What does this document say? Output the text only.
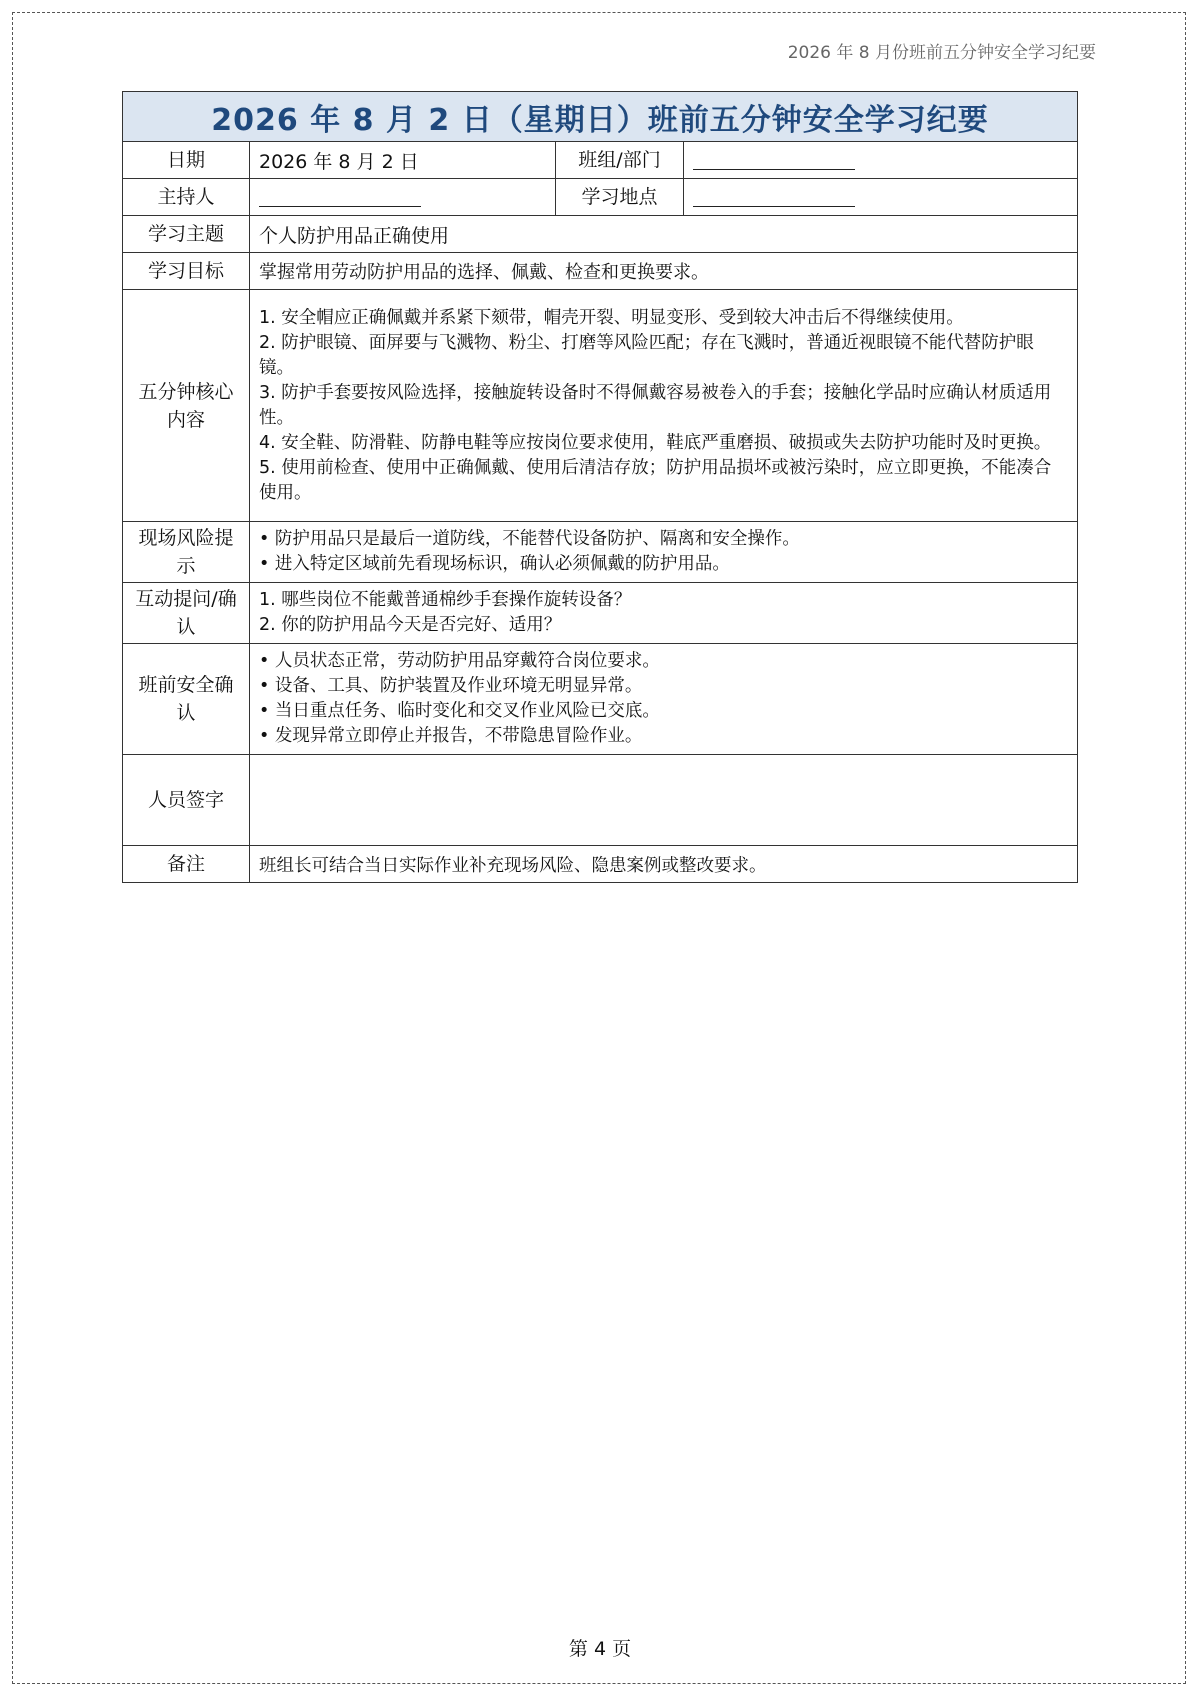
2026 年 8 月份班前五分钟安全学习纪要
2026 年 8 月 2 日（星期日）班前五分钟安全学习纪要			
日期	2026 年 8 月 2 日	班组/部门	
主持人		学习地点	
学习主题	个人防护用品正确使用		
学习目标	掌握常用劳动防护用品的选择、佩戴、检查和更换要求。		
五分钟核心内容	1. 安全帽应正确佩戴并系紧下颏带，帽壳开裂、明显变形、受到较大冲击后不得继续使用。
2. 防护眼镜、面屏要与飞溅物、粉尘、打磨等风险匹配；存在飞溅时，普通近视眼镜不能代替防护眼镜。
3. 防护手套要按风险选择，接触旋转设备时不得佩戴容易被卷入的手套；接触化学品时应确认材质适用性。
4. 安全鞋、防滑鞋、防静电鞋等应按岗位要求使用，鞋底严重磨损、破损或失去防护功能时及时更换。
5. 使用前检查、使用中正确佩戴、使用后清洁存放；防护用品损坏或被污染时，应立即更换，不能凑合使用。		

现场风险提示	• 防护用品只是最后一道防线，不能替代设备防护、隔离和安全操作。
• 进入特定区域前先看现场标识，确认必须佩戴的防护用品。		

互动提问/确认	1. 哪些岗位不能戴普通棉纱手套操作旋转设备？
2. 你的防护用品今天是否完好、适用？		

班前安全确认	• 人员状态正常，劳动防护用品穿戴符合岗位要求。
• 设备、工具、防护装置及作业环境无明显异常。
• 当日重点任务、临时变化和交叉作业风险已交底。
• 发现异常立即停止并报告，不带隐患冒险作业。		

人员签字			
备注	班组长可结合当日实际作业补充现场风险、隐患案例或整改要求。		
第 4 页
